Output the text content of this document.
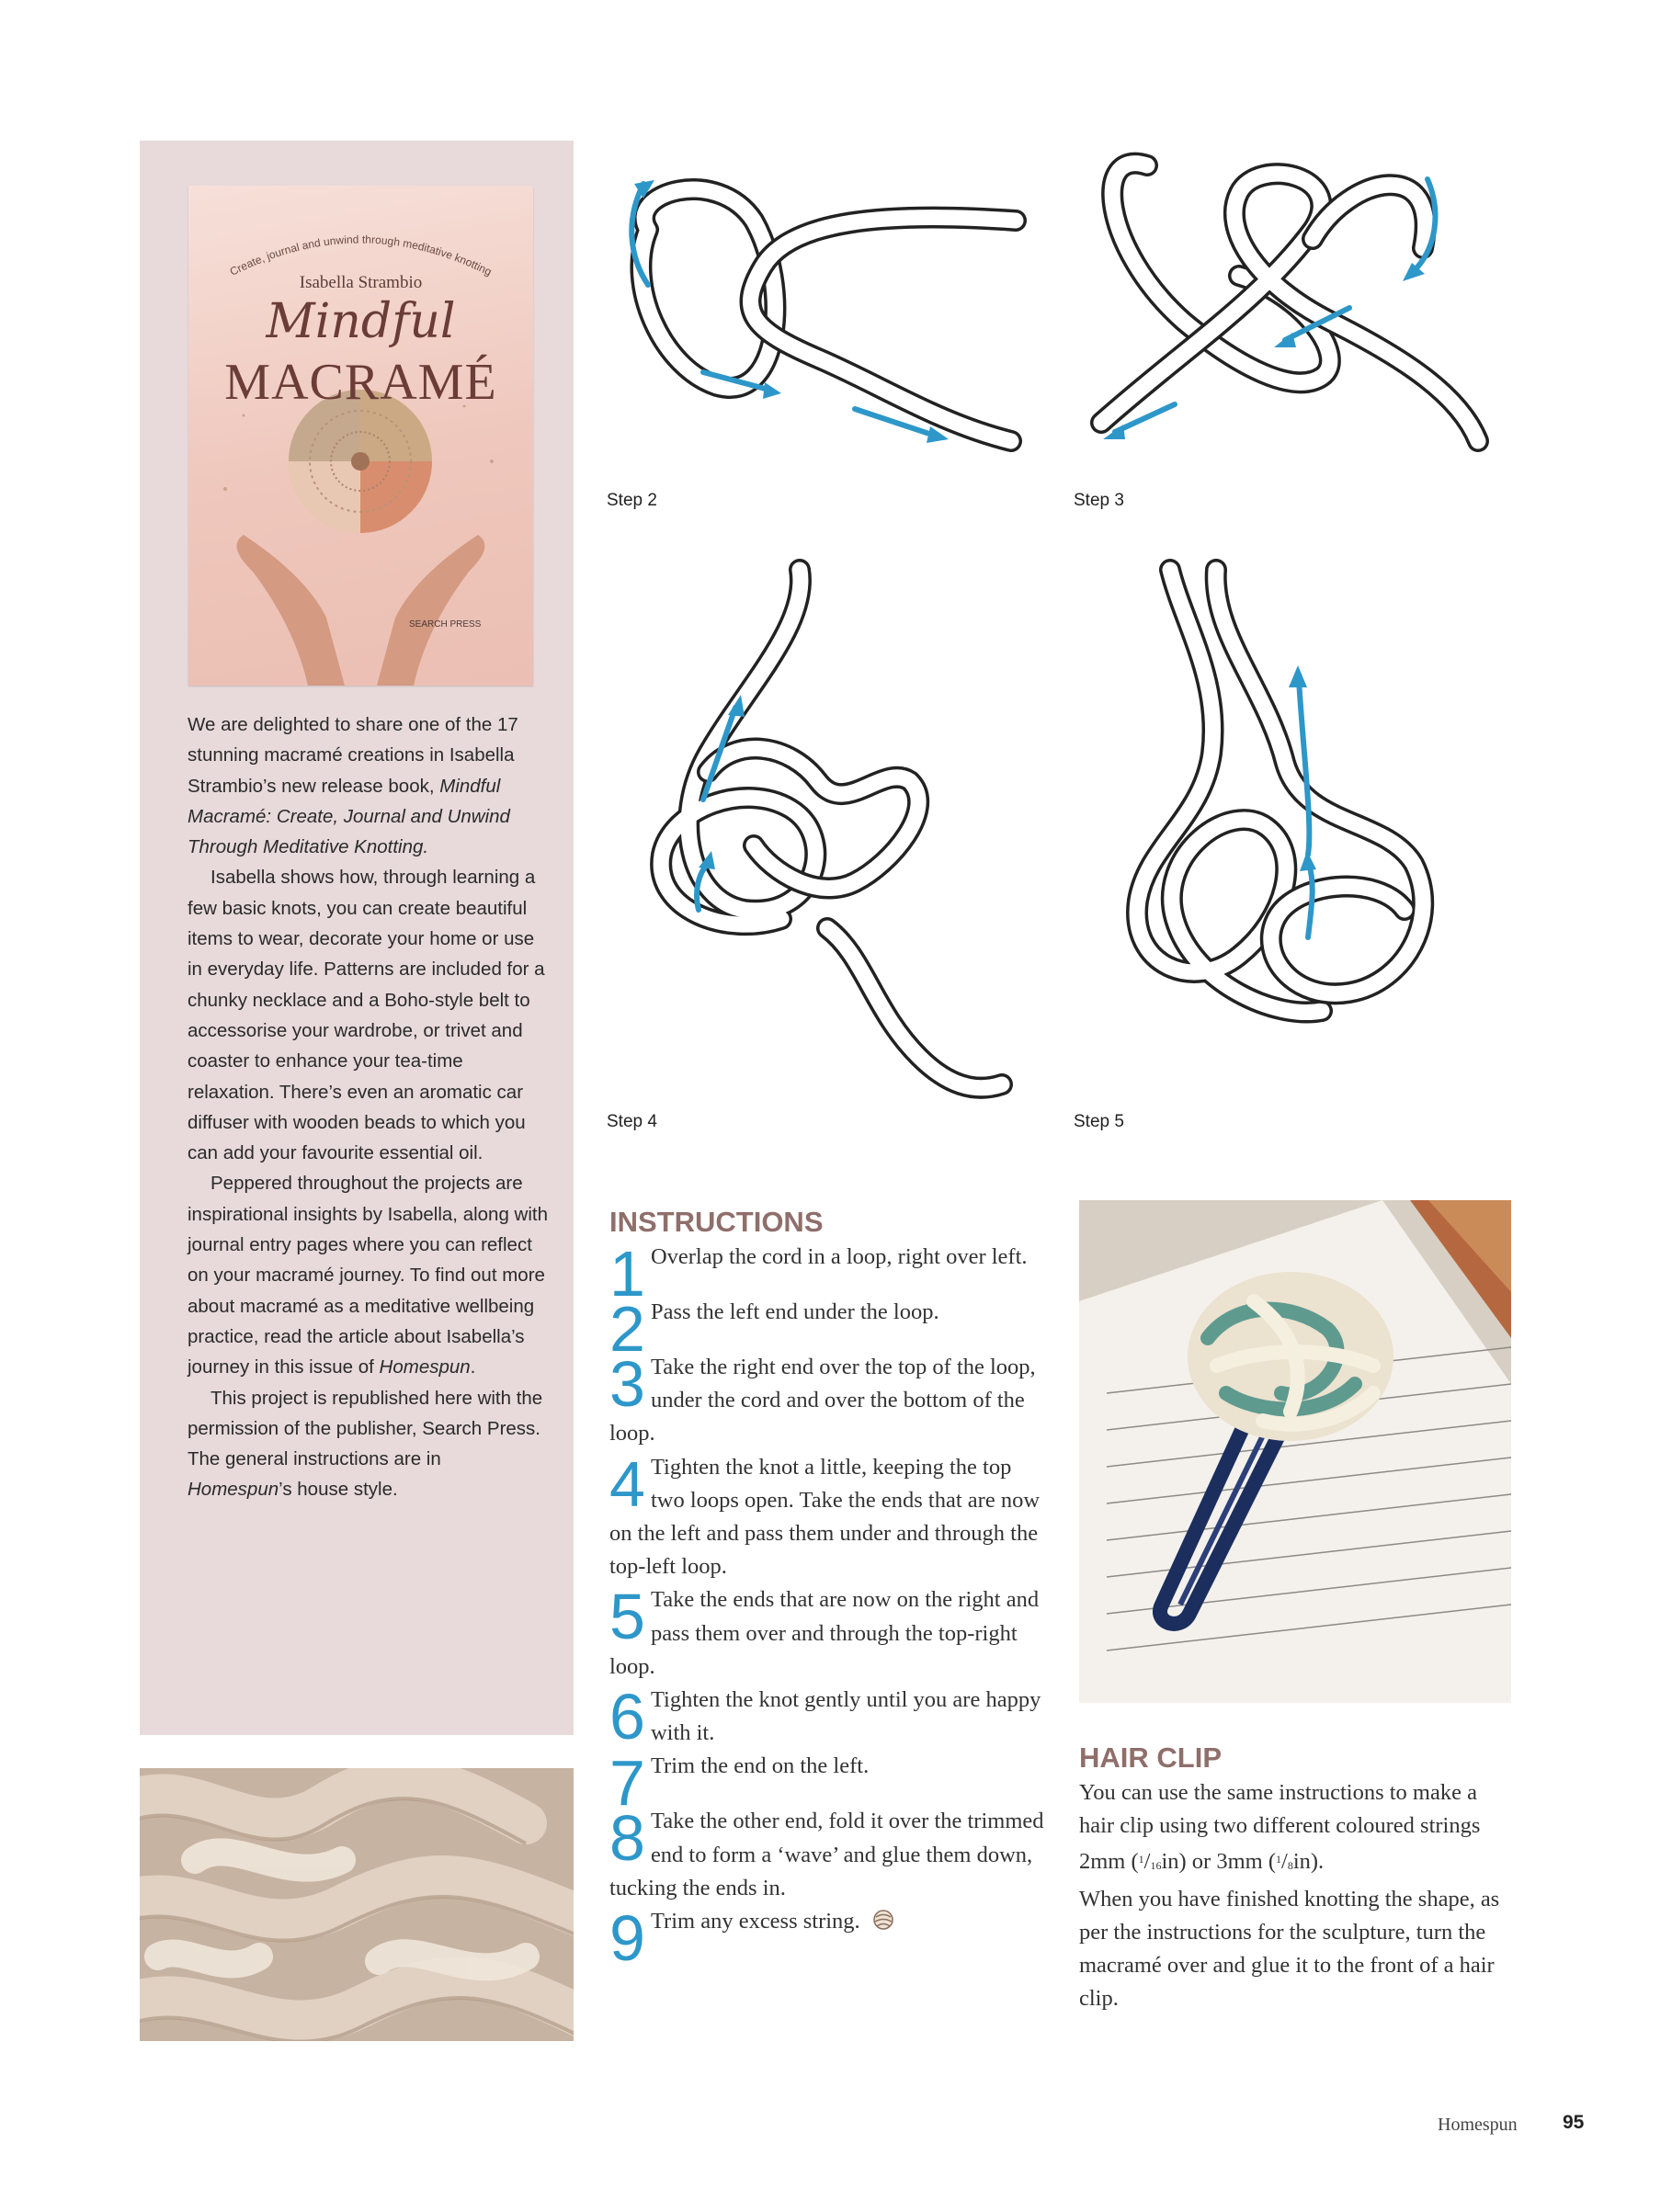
Create, journal and unwind through meditative knotting
Isabella Strambio
Mindful
MACRAMÉ
SEARCH PRESS

We are delighted to share one of the 17 stunning macramé creations in Isabella Strambio’s new release book, Mindful Macramé: Create, Journal and Unwind Through Meditative Knotting.

Isabella shows how, through learning a few basic knots, you can create beautiful items to wear, decorate your home or use in everyday life. Patterns are included for a chunky necklace and a Boho-style belt to accessorise your wardrobe, or trivet and coaster to enhance your tea-time relaxation. There’s even an aromatic car diffuser with wooden beads to which you can add your favourite essential oil.

Peppered throughout the projects are inspirational insights by Isabella, along with journal entry pages where you can reflect on your macramé journey. To find out more about macramé as a meditative wellbeing practice, read the article about Isabella’s journey in this issue of Homespun.

This project is republished here with the permission of the publisher, Search Press. The general instructions are in Homespun’s house style.

Step 2	Step 3
Step 4	Step 5
INSTRUCTIONS
1 Overlap the cord in a loop, right over left.
2 Pass the left end under the loop.
3 Take the right end over the top of the loop, under the cord and over the bottom of the loop.
4 Tighten the knot a little, keeping the top two loops open. Take the ends that are now on the left and pass them under and through the top-left loop.
5 Take the ends that are now on the right and pass them over and through the top-right loop.
6 Tighten the knot gently until you are happy with it.
7 Trim the end on the left.
8 Take the other end, fold it over the trimmed end to form a ‘wave’ and glue them down, tucking the ends in.
9 Trim any excess string.
HAIR CLIP

You can use the same instructions to make a hair clip using two different coloured strings 2mm $(^1/_{16}in)$ or 3mm $(^1/_8in)$.

When you have finished knotting the shape, as per the instructions for the sculpture, turn the macramé over and glue it to the front of a hair clip.

Homespun 95
